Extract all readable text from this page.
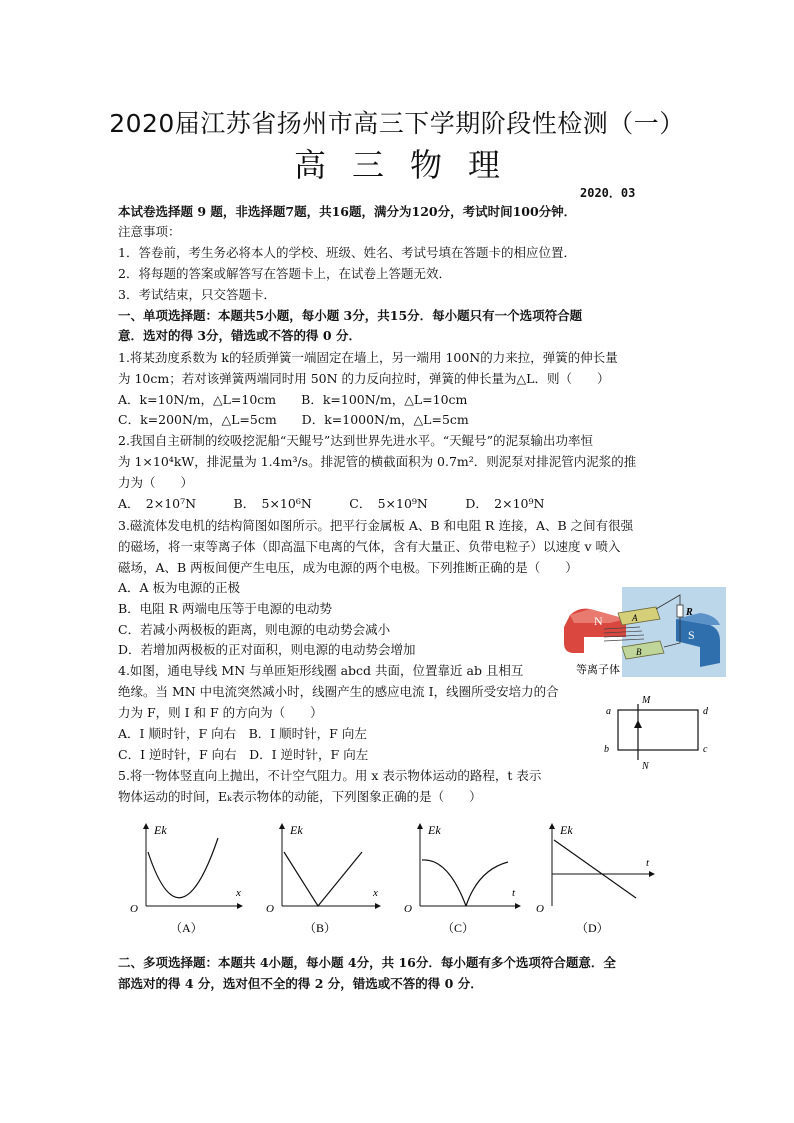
2020届江苏省扬州市高三下学期阶段性检测（一）
高 三 物 理
2020．03
本试卷选择题 9 题，非选择题7题，共16题，满分为120分，考试时间100分钟．
注意事项：
1．答卷前，考生务必将本人的学校、班级、姓名、考试号填在答题卡的相应位置．
2．将每题的答案或解答写在答题卡上，在试卷上答题无效．
3．考试结束，只交答题卡．
一、单项选择题：本题共5小题，每小题 3分，共15分．每小题只有一个选项符合题
意．选对的得 3分，错选或不答的得 0 分．
1.将某劲度系数为 k的轻质弹簧一端固定在墙上，另一端用 100N的力来拉，弹簧的伸长量
为 10cm；若对该弹簧两端同时用 50N 的力反向拉时，弹簧的伸长量为△L．则（　　）
A．k=10N/m，△L=10cm　　B．k=100N/m，△L=10cm
C．k=200N/m，△L=5cm　　D．k=1000N/m，△L=5cm
2.我国自主研制的绞吸挖泥船“天鲲号”达到世界先进水平。“天鲲号”的泥泵输出功率恒
为 1×10⁴kW，排泥量为 1.4m³/s。排泥管的横截面积为 0.7m²．则泥泵对排泥管内泥浆的推
力为（　　）
A．　2×10⁷N　　　B．　5×10⁶N　　　C．　5×10⁹N　　　D．　2×10⁹N
3.磁流体发电机的结构简图如图所示。把平行金属板 A、B 和电阻 R 连接，A、B 之间有很强
的磁场，将一束等离子体（即高温下电离的气体，含有大量正、负带电粒子）以速度 v 喷入
磁场，A、B 两板间便产生电压，成为电源的两个电极。下列推断正确的是（　　）
A．A 板为电源的正极
B．电阻 R 两端电压等于电源的电动势
C．若减小两极板的距离，则电源的电动势会减小
D．若增加两极板的正对面积，则电源的电动势会增加
N
S
A
B
R
等离子体
4.如图，通电导线 MN 与单匝矩形线圈 abcd 共面，位置靠近 ab 且相互
绝缘。当 MN 中电流突然减小时，线圈产生的感应电流 I，线圈所受安培力的合
力为 F，则 I 和 F 的方向为（　　）
A．I 顺时针，F 向右　B．I 顺时针，F 向左
C．I 逆时针，F 向右　D．I 逆时针，F 向左
M
N
a
b	c
d
5.将一物体竖直向上抛出，不计空气阻力。用 x 表示物体运动的路程，t 表示
物体运动的时间，Eₖ表示物体的动能，下列图象正确的是（　　）
Ek
x
O
（A）
Ek
x
O
（B）
Ek
t
O
（C）
Ek
t
O
（D）
二、多项选择题：本题共 4小题，每小题 4分，共 16分．每小题有多个选项符合题意．全
部选对的得 4 分，选对但不全的得 2 分，错选或不答的得 0 分．
